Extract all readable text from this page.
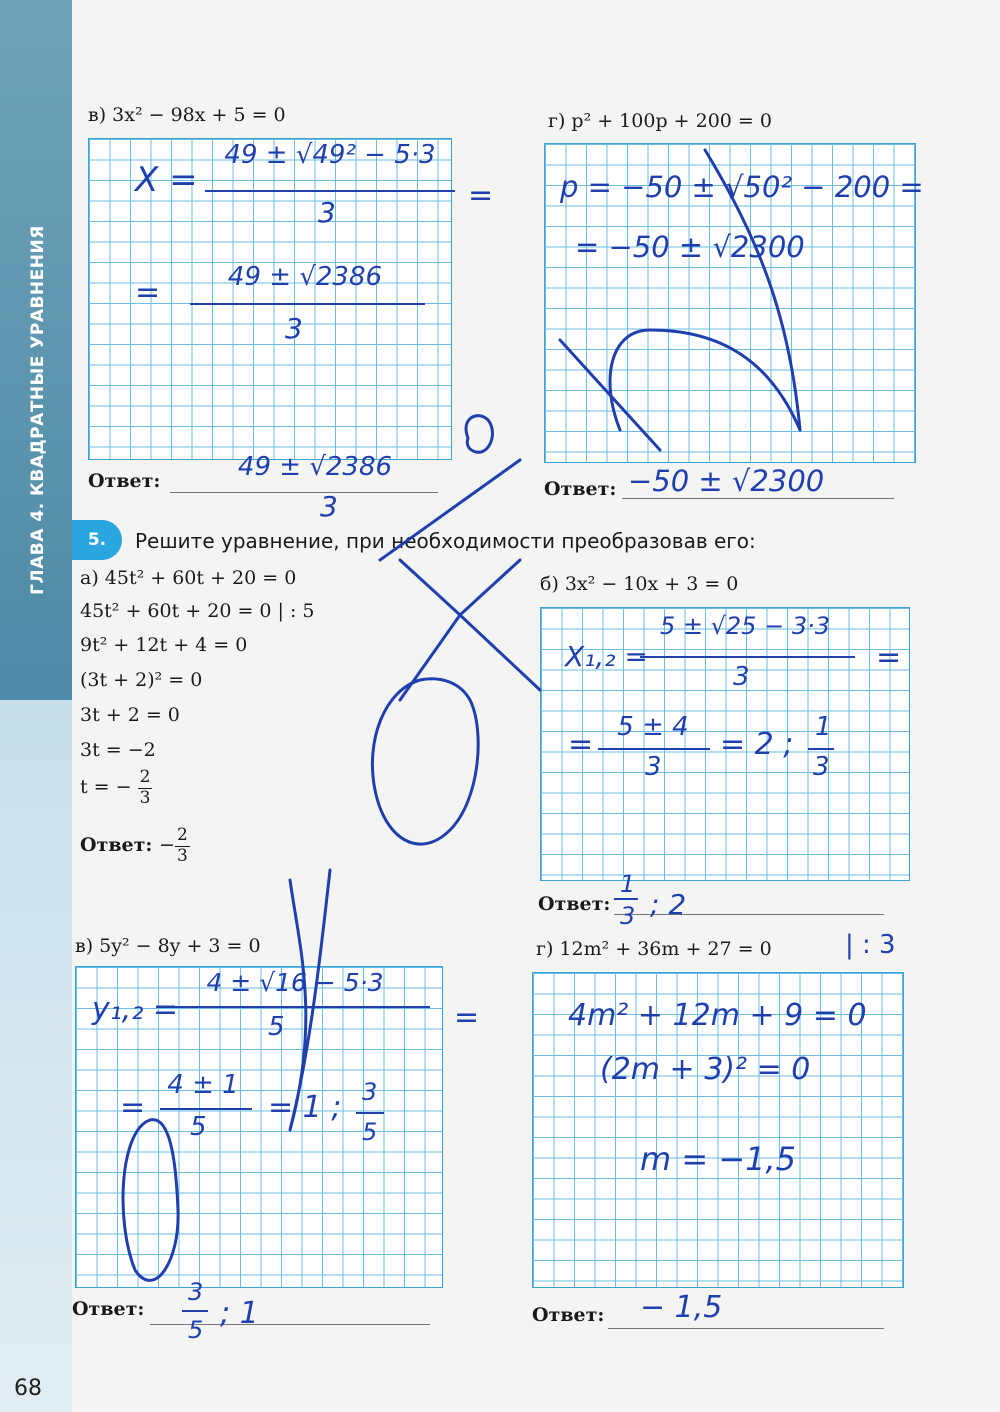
ГЛАВА 4. КВАДРАТНЫЕ УРАВНЕНИЯ
68
в) 3x² − 98x + 5 = 0
X =
49 ± √49² − 5·3
3	=
=	49 ± √2386
3
Ответ:	49 ± √2386
3
г) p² + 100p + 200 = 0
p = −50 ± √50² − 200 =
= −50 ± √2300
Ответ: −50 ± √2300
5.	Решите уравнение, при необходимости преобразовав его:
а) 45t² + 60t + 20 = 0
45t² + 60t + 20 = 0 | : 5
9t² + 12t + 4 = 0
(3t + 2)² = 0
3t + 2 = 0
3t = −2
t = − $\frac{2}{3}$
Ответ: − $\frac{2}{3}$
б) 3x² − 10x + 3 = 0
X₁,₂ =
5 ± √25 − 3·3
3
=
= 5 ± 4
3
= 2 ; 1
3
Ответ:
1
3 ; 2
в) 5y² − 8y + 3 = 0
y₁,₂ =
4 ± √16 − 5·3
5	=
=
4 ± 1
5
= 1 ; 3
5
Ответ:
3
5 ; 1
г) 12m² + 36m + 27 = 0	| : 3
4m² + 12m + 9 = 0
(2m + 3)² = 0
m = −1,5
Ответ: − 1,5
